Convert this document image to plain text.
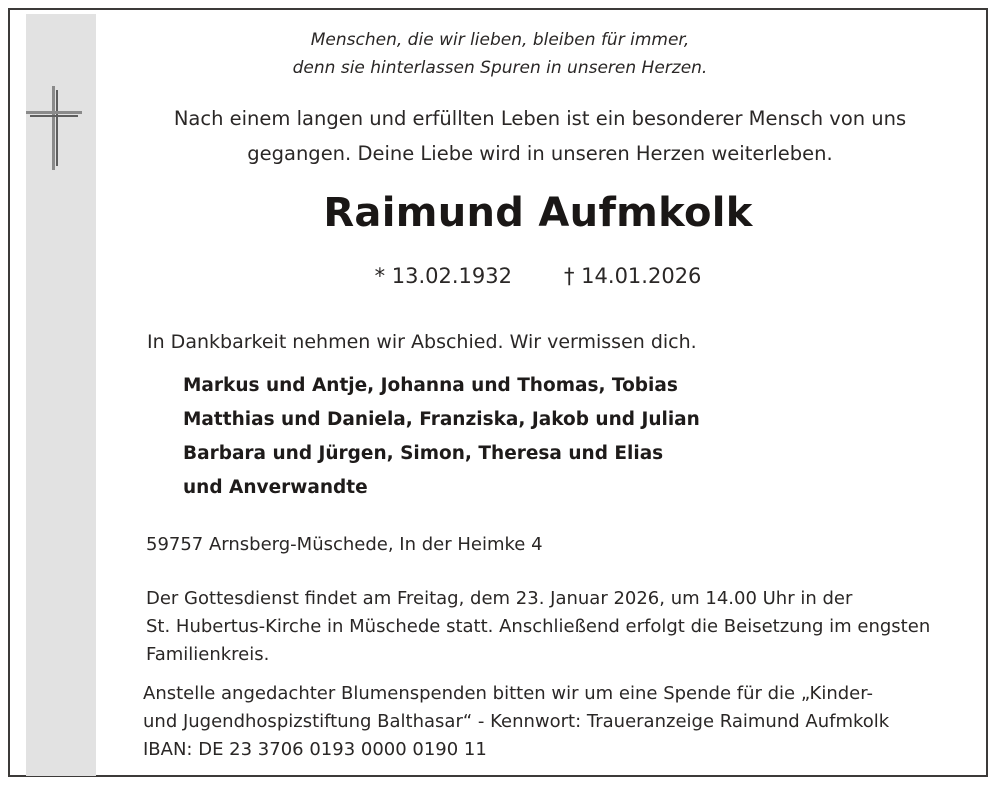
Menschen, die wir lieben, bleiben für immer,
denn sie hinterlassen Spuren in unseren Herzen.
Nach einem langen und erfüllten Leben ist ein besonderer Mensch von uns
gegangen. Deine Liebe wird in unseren Herzen weiterleben.
Raimund Aufmkolk
* 13.02.1932 † 14.01.2026
In Dankbarkeit nehmen wir Abschied. Wir vermissen dich.
Markus und Antje, Johanna und Thomas, Tobias
Matthias und Daniela, Franziska, Jakob und Julian
Barbara und Jürgen, Simon, Theresa und Elias
und Anverwandte
59757 Arnsberg-Müschede, In der Heimke 4
Der Gottesdienst findet am Freitag, dem 23. Januar 2026, um 14.00 Uhr in der
St. Hubertus-Kirche in Müschede statt. Anschließend erfolgt die Beisetzung im engsten
Familienkreis.
Anstelle angedachter Blumenspenden bitten wir um eine Spende für die „Kinder-
und Jugendhospizstiftung Balthasar“ - Kennwort: Traueranzeige Raimund Aufmkolk
IBAN: DE 23 3706 0193 0000 0190 11
